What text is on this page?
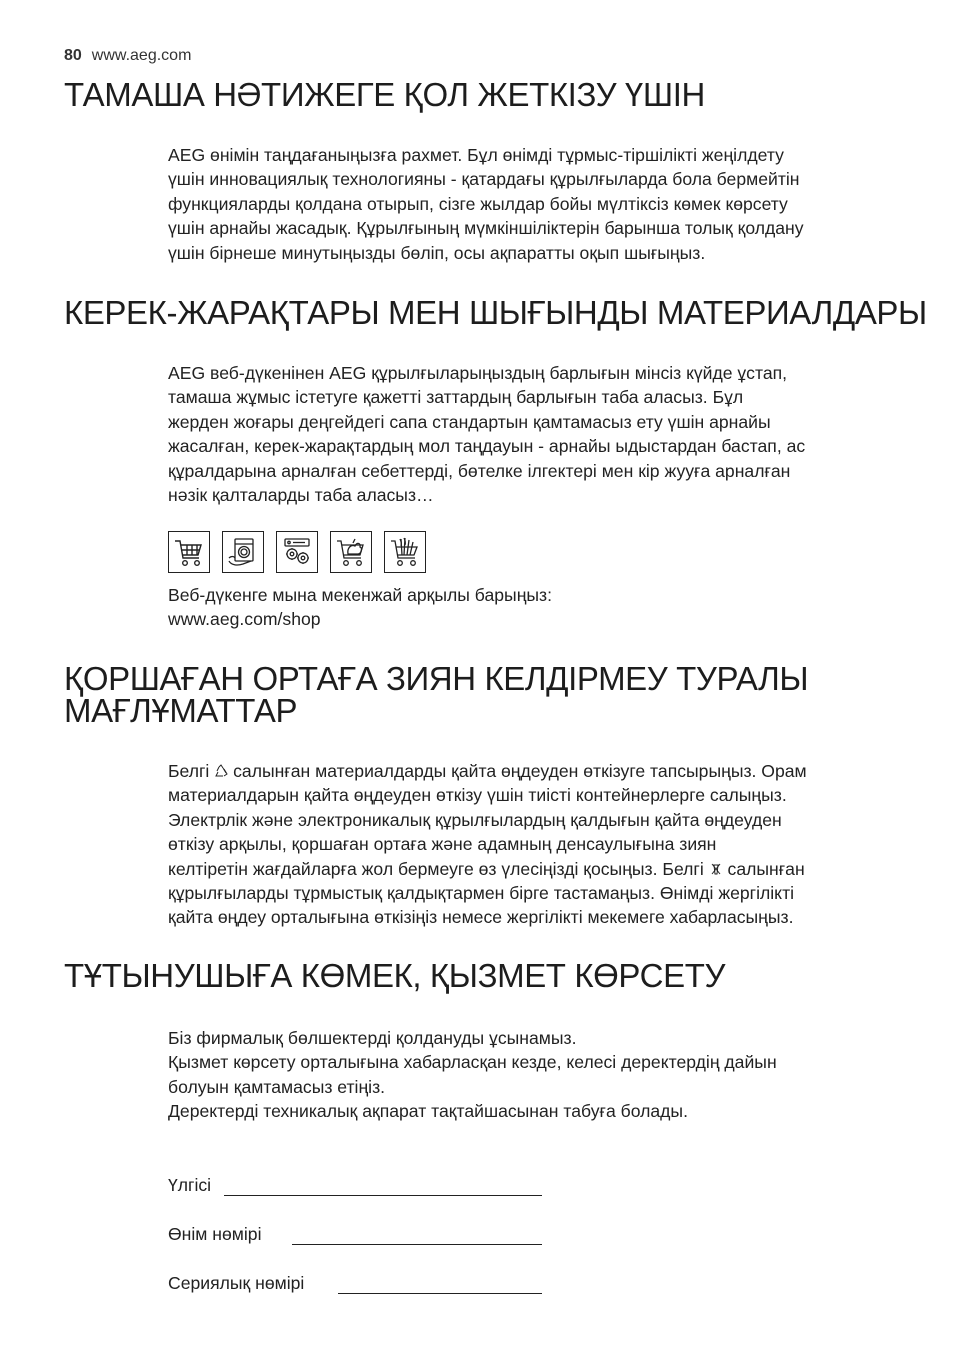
80 www.aeg.com
ТАМАША НӘТИЖЕГЕ ҚОЛ ЖЕТКІЗУ ҮШІН
AEG өнімін таңдағаныңызға рахмет. Бұл өнімді тұрмыс-тіршілікті жеңілдету
үшін инновациялық технологияны - қатардағы құрылғыларда бола бермейтін
функцияларды қолдана отырып, сізге жылдар бойы мүлтіксіз көмек көрсету
үшін арнайы жасадық. Құрылғының мүмкіншіліктерін барынша толық қолдану
үшін бірнеше минутыңызды бөліп, осы ақпаратты оқып шығыңыз.
КЕРЕК-ЖАРАҚТАРЫ МЕН ШЫҒЫНДЫ МАТЕРИАЛДАРЫ
AEG веб-дүкенінен AEG құрылғыларыңыздың барлығын мінсіз күйде ұстап,
тамаша жұмыс істетуге қажетті заттардың барлығын таба аласыз. Бұл
жерден жоғары деңгейдегі сапа стандартын қамтамасыз ету үшін арнайы
жасалған, керек-жарақтардың мол таңдауын - арнайы ыдыстардан бастап, ас
құралдарына арналған себеттерді, бөтелке ілгектері мен кір жууға арналған
нәзік қалталарды таба аласыз…
Веб-дүкенге мына мекенжай арқылы барыңыз:
www.aeg.com/shop
ҚОРШАҒАН ОРТАҒА ЗИЯН КЕЛДІРМЕУ ТУРАЛЫ
МАҒЛҰМАТТАР
Белгі салынған материалдарды қайта өңдеуден өткізуге тапсырыңыз. Орам
материалдарын қайта өңдеуден өткізу үшін тиісті контейнерлерге салыңыз.
Электрлік және электроникалық құрылғылардың қалдығын қайта өңдеуден
өткізу арқылы, қоршаған ортаға және адамның денсаулығына зиян
келтіретін жағдайларға жол бермеуге өз үлесіңізді қосыңыз. Белгі салынған
құрылғыларды тұрмыстық қалдықтармен бірге тастамаңыз. Өнімді жергілікті
қайта өңдеу орталығына өткізіңіз немесе жергілікті мекемеге хабарласыңыз.
ТҰТЫНУШЫҒА КӨМЕК, ҚЫЗМЕТ КӨРСЕТУ
Біз фирмалық бөлшектерді қолдануды ұсынамыз.
Қызмет көрсету орталығына хабарласқан кезде, келесі деректердің дайын
болуын қамтамасыз етіңіз.
Деректерді техникалық ақпарат тақтайшасынан табуға болады.
Үлгісі
Өнім нөмірі
Сериялық нөмірі
